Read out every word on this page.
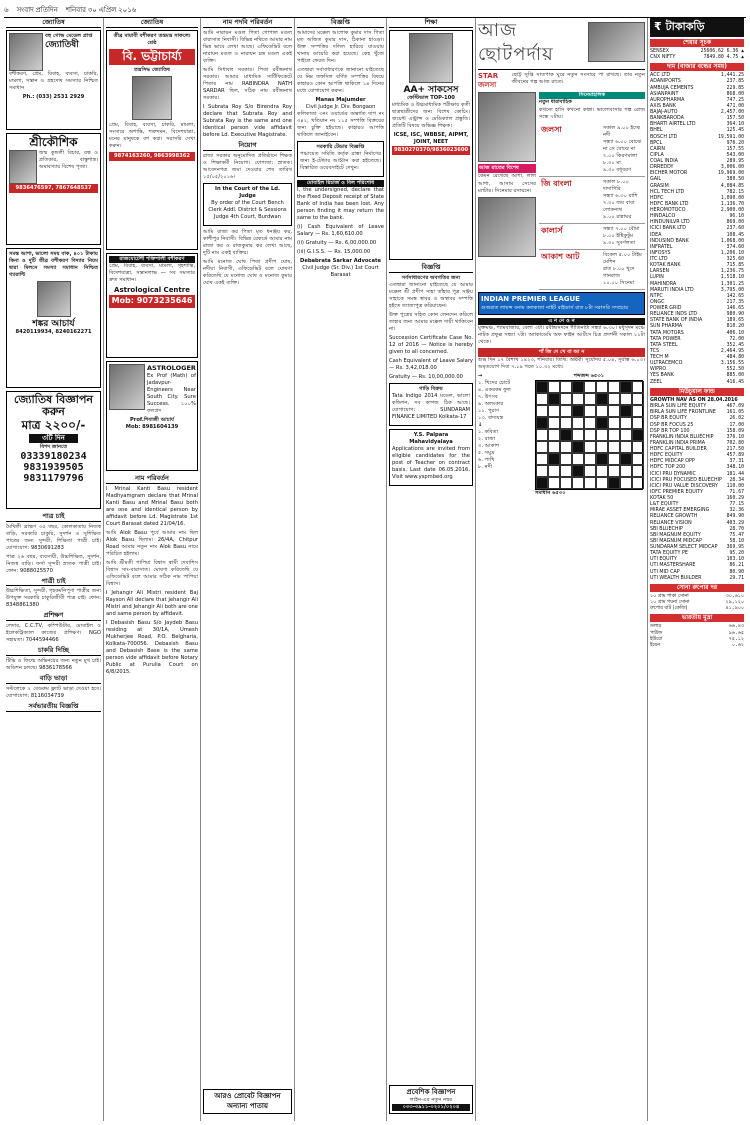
৬ সংবাদ প্রতিদিন শনিবার ৩০ এপ্রিল ২০১৬
জ্যোতিষ
বহু গোল্ড মেডেল প্রাপ্ত
জ্যোতিষী
বশীকরণ, প্রেম, বিবাহ, ব্যবসা, চাকরি, মামলা, সন্তান ও গ্রহদোষ সমস্যার নিশ্চিত সমাধান
Ph.: (033) 2531 2929
শ্রীকৌশিক
জন্ম কুন্ডলী বিচার, রত্ন ও প্রতিকার, বাস্তুশাস্ত্র। অমাবস্যায় বিশেষ পূজা।
9836476597, 7867648537
সমস্ত আশা, ভালো সময় বাক, ৪০১ টাকায় কিনা ও দুটি তীব্র বশীকরণ বিদ্যার নিয়ম দ্বারা মিলনে সমস্যা সমাধান নিশ্চিত গ্যারান্টি
শঙ্কর আচার্য
8420119934, 8240162271
জ্যোতিষ বিজ্ঞাপন করুন
মাত্র ২২০০/-
৩টি দিন
বিশদ জানতে
03339180234
9831939505
9831179796
পাত্র চাই
মৈথিলী ব্রাহ্মণ ৩৫ বছর, কোলকাতায় নিজস্ব বাড়ি, সরকারি চাকুরি, সুদর্শন ও সুশিক্ষিত পাত্রের জন্য সুন্দরী, শিক্ষিতা পাত্রী চাই। যোগাযোগ: 9830691283
পাত্র ২৬ বছর, ব্যবসায়ী, উচ্চশিক্ষিত, সুদর্শন, নিজস্ব বাড়ি। ফর্সা সুন্দরী স্নাতক পাত্রী চাই। ফোন: 9088025570
পাত্রী চাই
উচ্চশিক্ষিতা, সুন্দরী, গৃহকর্মনিপুণা পাত্রীর জন্য উপযুক্ত সরকারি চাকুরিজীবী পাত্র চাই। ফোন: 8348861380
প্রশিক্ষণ
লেদার, C.C.TV, কম্পিউটার, মোবাইল ও ইলেকট্রিক্যাল কাজের প্রশিক্ষণ। NGO সহায়তা। 7044594466
চাকরি দিচ্ছি
টিভি ও ফিল্মে অভিনয়ের জন্য নতুন মুখ চাই। অডিশন চলছে। 9836178566
বাড়ি ভাড়া
সল্টলেকে ২ বেডরুম ফ্ল্যাট ভাড়া দেওয়া হবে। যোগাযোগ: 8116034739
সর্বভারতীয় বিজ্ঞপ্তি
জ্যোতিষ
তীব্র মায়াবী বশীকরণ তন্ত্রমন্ত্র সাফল্যে শ্রেষ্ঠ
বি. ভট্টাচার্য্য
তন্ত্রসিদ্ধ জ্যোতিষ
প্রেম, বিবাহ, ব্যবসা, চাকরি, মামলা, সংসারে অশান্তি, শত্রুদমন, বিদেশযাত্রা, মনের মানুষকে বশ করা। সরাসরি দেখা করুন।
9874163260, 9863998362
রাজযোটেশী শক্তিশালী বশীকরণ
প্রেম, বিবাহ, ব্যবসা, মামলা, গৃহশান্তি, বিদেশযাত্রা, সন্তানলাভ — সব সমস্যার দ্রুত সমাধান।
Astrological Centre
Mob: 9073235646
ASTROLOGER
Ex Prof (Math) of Jadavpur-Engineers Near South City. Sure Success. ১০০% ফলপ্রদ
Prof.শিবাজী আচার্য
Mob: 8981604139
নাম পরিবর্তন
I Mrinal Kanti Basu resident Madhyamgram declare that Mrinal Kanti Basu and Mrinal Basu both are one and identical person by affidavit before Ld. Magistrate 1st Court Barasat dated 21/04/16.
আমি Alok Basu পুর্বে আমার নাম ছিল Alok Basu ছিলাম। 26/4A, Chitpur Road আমার নতুন নাম Alok Basu নামে পরিচিত হইলাম।
আমি শ্রীমতী পাপিয়া বিশ্বাস স্বামী দেবাশিস বিশ্বাস সাং-বারাসাত। ঘোষণা করিতেছি যে এফিডেভিট বলে আমার সঠিক নাম পাপিয়া বিশ্বাস।
I Jehangir Ali Mistri resident Baj Rayson Ali declare that Jehangir Ali Mistri and Jehangir Ali both are one and same person by affidavit.
I Debasish Basu S/o Jaydeb Basu residing at 30/1A, Umesh Mukherjee Road, P.O. Belgharia, Kolkata-700056. Debasish Basu and Debasish Base is the same person vide affidavit before Notary Public at Purulia Court on 6/8/2015.
নাম পদবি পরিবর্তন
আমি নারায়ন মণ্ডল পিতা গোপাল মণ্ডল বারাসাত নিবাসী। বিভিন্ন নথিতে আমার নাম ভিন্ন ভাবে লেখা আছে। এফিডেভিট বলে নারায়ন মণ্ডল ও নারায়ন চন্দ্র মণ্ডল একই ব্যক্তি।
আমি সিধাবল সরকার। পিতা রবীন্দ্রনাথ সরকার। আমার মাধ্যমিক সার্টিফিকেটে পিতার নাম RABINDRA NATH SARDAR ছিল, সঠিক নাম রবীন্দ্রনাথ সরকার।
I Subrata Roy S/o Birendra Roy declare that Subrata Roy and Subrata Ray is the same and one identical person vide affidavit before Ld. Executive Magistrate.
নিয়োগ
রাজ্য সরকার অনুমোদিত প্রতিষ্ঠানে শিক্ষক ও শিক্ষাকর্মী নিয়োগ। যোগ্যতা: স্নাতক। আবেদনপত্র জমা দেওয়ার শেষ তারিখ ১৫/০৫/২০১৬।
In the Court of the Ld. Judge
By order of the Court Bench Clerk Addl. District & Sessions Judge 4th Court, Burdwan
আমি রাজা কর পিতা মৃত ধনঞ্জয় কর, কাশীপুর নিবাসী। বিভিন্ন রেকর্ডে আমার নাম রাজা কর ও রাজকুমার কর লেখা আছে, দুটি নাম একই ব্যক্তির।
আমি মনোজ ঘোষ পিতা প্রদীপ ঘোষ, নদীয়া নিবাসী, এফিডেভিট বলে ঘোষণা করিতেছি যে মনোজ ঘোষ ও মনোজ কুমার ঘোষ একই ব্যক্তি।
আরও প্রোবেট বিজ্ঞাপন অন্যান্য পাতায়
বিজ্ঞপ্তি
আমাদের মক্কেল আশোক কুমার দাস পিতা মৃত অজিত কুমার দাস, ঠিকানা হাওড়া। উক্ত সম্পত্তির দলিল হারিয়ে যাওয়ায় থানায় ডায়েরি করা হয়েছে। কেহ খুঁজে পাইলে ফেরত দিন।
এতদ্বারা সর্বসাধারণকে জানানো যাইতেছে যে নিম্ন তফসিল বর্ণিত সম্পত্তির বিষয়ে কাহারও কোন আপত্তি থাকিলে ১৪ দিনের মধ্যে যোগাযোগ করুন।
Manas Majumder
Civil Judge Jr. Div. Bongaon
কলিকাতা ৩নং ওয়ার্ডের অন্তর্গত দাগ নং ৩৪২, খতিয়ান নং ১১৫ সম্পত্তি বিক্রয়ের জন্য চুক্তি হইয়াছে। কাহারও আপত্তি থাকিলে জানাইবেন।
সরকারি টেন্ডার বিজ্ঞপ্তি
পঞ্চায়েত সমিতি কর্তৃক রাস্তা নির্মাণের জন্য ই-টেন্ডার আহ্বান করা হইতেছে। বিস্তারিত ওয়েবসাইটে দেখুন।
মোবাইল রিচার্জ ও বিল পরিশোধ
I, the undersigned, declare that the Fixed Deposit receipt of State Bank of India has been lost. Any person finding it may return the same to the bank.
(i) Cash Equivalent of Leave Salary — Rs. 1,60,610.00
(ii) Gratuity — Rs. 6,00,000.00
(iii) G.I.S.S. — Rs. 15,000.00
Debabrata Sarkar Advocate
Civil Judge (Sr. Div.) 1st Court Barasat
শিক্ষা
AA+ সাকসেস
ফেস্টিভাল TOP-100
মাধ্যমিক ও উচ্চমাধ্যমিক পরীক্ষায় কৃতী ছাত্রছাত্রীদের জন্য বিশেষ কোচিং। জয়েন্ট এন্ট্রান্স ও মেডিক্যাল প্রস্তুতি। প্রতিটি বিষয়ে অভিজ্ঞ শিক্ষক।
ICSE, ISC, WBBSE, AIPMT, JOINT, NEET
9830270370/9836023600
বিজ্ঞপ্তি
সর্বসাধারণের অবগতির জন্য
এতদ্বারা জানানো যাইতেছে যে আমার মক্কেল শ্রী প্রদীপ সাহা তাঁহার পুত্র সঞ্জয় সাহাকে সমস্ত স্থাবর ও অস্থাবর সম্পত্তি হইতে ত্যাজ্যপুত্র করিয়াছেন।
উক্ত পুত্রের সহিত কোন লেনদেন করিলে তাহার জন্য আমার মক্কেল দায়ী থাকিবেন না।
Succession Certificate Case No. 12 of 2016 — Notice is hereby given to all concerned.
Cash Equivalent of Leave Salary — Rs. 3,42,018.00
Gratuity — Rs. 10,00,000.00
গাড়ি বিক্রয়
Tata Indigo 2014 মডেল, ভালো কন্ডিশন, সব কাগজ ঠিক আছে। যোগাযোগ: SUNDARAM FINANCE LIMITED Kolkata-17
Y.S. Palpara Mahavidyalaya
Applications are invited from eligible candidates for the post of Teacher on contract basis. Last date 06.05.2016. Visit www.yspmbed.org
প্রবেশিক বিজ্ঞাপন
লাইন-এর নতুন নম্বর
০৩৩-৩৯১১-০২০১/০২০৪
আজ ছোটপর্দায়
STAR জলসা
ছোট্ট সুপ্তি সাতপাক ঘুরে নতুন সংসারে পা রাখছে। তার নতুন জীবনের গল্প আজ রাতে।
আজ রাতের বিশেষ
কেমন রেখেছে আশা, লাল আশা, আসাম সেসের ম্যাটার। সিনেমার রসায়নে।
সিনেমাহলিক
নতুন ধারাবাহিক
কখনো হাসি কখনো কান্না। ভালোবাসার গল্প রোজ সন্ধে ৭টায়।
জলসা	সকাল ৯.০০ ইচ্ছে নদী
সন্ধ্যা ৬.০০ বোঝে না সে বোঝে না
৭.০০ কিরণমালা
৮.৩০ মা
৯.৩০ বধূবরণ
জি বাংলা	সকাল ৮.০০ দাদাগিরি
সন্ধ্যা ৬.৩০ রাশি
৭.৩০ জয় বাবা লোকনাথ
৯.০০ রান্নাঘর
কালার্স	সন্ধ্যা ৭.০০ বৌমা
৮.০০ ইষ্টিকুটুম
৯.৩০ সুবর্ণলতা
আকাশ আট	বিকেল ৫.০০ টাইম মেশিন
রাত ৮.০০ খুদে গানরাজ
১০.০০ সিনেমা
INDIAN PREMIER LEAGUE
গুজরাত লায়ন্স বনাম কলকাতা নাইট রাইডার্স রাত ৮টা সরাসরি সম্প্রচার
এ ন নে ও ন
মুক্তমঞ্চ, শ্যামবাজার, বেলা ৩টা। রবীন্দ্রসদনে গীতিনাট্য সন্ধ্যা ৬.৩০। মধুসূদন মঞ্চে নাটক প্রফুল্ল সন্ধ্যা ৭টা। অ্যাকাডেমি অফ ফাইন আর্টসে চিত্র প্রদর্শনী সকাল ১১টা থেকে।
পাঁ জি দে খে বা আ ন
শুভ দিন ১৭ বৈশাখ ১৪২৩, শনিবার। তিথি: অষ্টমী। সূর্যোদয় ৫.০৪, সূর্যাস্ত ৬.০৩। অমৃতযোগ দিবা ৭.১৯ গতে ১০.৩২ মধ্যে।
→
১. খিদের চোটে
৪. একরকম ফুল
৭. উৎসব
৯. অলংকার
১১. পুরাণ
১৩. বাদ্যযন্ত্র
↓
১. কবিতা
২. রাজা
৩. আকাশ
৫. সমুদ্র
৬. পাখি
৮. নদী
শব্দজব্দ ৬৫৩১
সমাধান ৬৫৩০
₹ টাকাকড়ি
শেয়ার সূচক
SENSEX	25606.62 6.36 ▲
CNX NIFTY	7849.80 4.75 ▲
দাম (বাজার বন্ধের সময়)
ACC LTD	1,441.25
ADANIPORTS	237.85
AMBUJA CEMENTS	229.85
ASIANPAINT	868.00
AUROPHARMA	747.25
AXIS BANK	471.00
BAJAJ-AUTO	2,457.00
BANKBARODA	157.50
BHARTI AIRTEL LTD	364.10
BHEL	125.45
BOSCH LTD	19,591.00
BPCL	976.20
CAIRN	157.55
CIPLA	543.00
COAL INDIA	289.95
DRREDDY	3,006.00
EICHER MOTOR	19,969.00
GAIL	380.50
GRASIM	4,084.85
HCL TECH LTD	782.15
HDFC	1,090.00
HDFC BANK LTD	1,136.70
HEROMOTOCO	2,900.00
HINDALCO	96.10
HINDUNILVR LTD	869.00
ICICI BANK LTD	237.60
IDEA	108.45
INDUSIND BANK	1,068.00
INFRATEL	374.60
INFOSYS	1,206.10
ITC LTD	325.60
KOTAK BANK	715.85
LARSEN	1,236.75
LUPIN	1,518.10
MAHINDRA	1,301.25
MARUTI INDIA LTD	3,795.00
NTPC	142.65
ONGC	217.35
POWER GRID	146.65
RELIANCE INDS LTD	980.90
STATE BANK OF INDIA	189.65
SUN PHARMA	810.20
TATA MOTORS	406.10
TATA POWER	72.00
TATA STEEL	352.45
TCS	2,464.95
TECH M	484.80
ULTRACEMCO	3,156.55
WIPRO	552.50
YES BANK	885.00
ZEEL	416.45
মিউচুয়াল ফান্ড
GROWTH NAV AS ON 28.04.2016
BIRLA SUN LIFE EQUITY	467.09
BIRLA SUN LIFE FRONTLINE 161.05
DSP BR EQUITY	26.02
DSP BR FOCUS 25	17.00
DSP BR TOP 100	158.09
FRANKLIN INDIA BLUECHIP	376.10
FRANKLIN INDIA PRIMA	702.80
HDFC CAPITAL BUILDER	217.50
HDFC EQUITY	457.89
HDFC MIDCAP OPP	37.31
HDFC TOP 200	348.10
ICICI PRU DYNAMIC	181.44
ICICI PRU FOCUSED BLUECHIP 28.34
ICICI PRU VALUE DISCOVERY 110.00
IDFC PREMIER EQUITY	71.67
KOTAK 50	160.29
L&T EQUITY	77.15
MIRAE ASSET EMERGING	32.36
RELIANCE GROWTH	849.90
RELIANCE VISION	403.29
SBI BLUECHIP	28.70
SBI MAGNUM EQUITY	75.47
SBI MAGNUM MIDCAP	58.10
SUNDARAM SELECT MIDCAP 369.95
TATA EQUITY PE	95.20
UTI EQUITY	103.10
UTI MASTERSHARE	86.21
UTI MID CAP	80.90
UTI WEALTH BUILDER	29.71
সোনা রুপোর দর
১০ গ্রাম পাকা সোনা	৩০,৬১০
১০ গ্রাম গয়না সোনা	২৯,১২০
রুপোর বাট (কেজি)	৪১,৯০০
ভারতীয় মুদ্রা
ডলার	৬৬.৪৩
পাউন্ড	৯৬.৬৫
ইউরো	৭৫.১২
ইয়েন	০.৬২
